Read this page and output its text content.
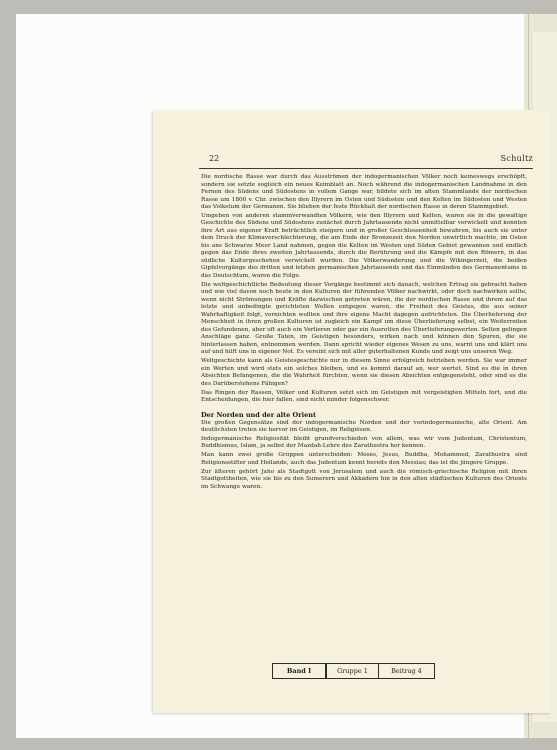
22	Schultz

Die nordische Rasse war durch das Ausströmen der indogermanischen Völker noch keineswegs erschöpft, sondern sie setzte sogleich ein neues Keimblatt an. Noch während die indogermanischen Landnahme in den Fernen des Südens und Südostens in vollem Gange war, bildete sich im alten Stammlande der nordischen Rasse um 1800 v. Chr. zwischen den Illyrern im Osten und Südosten und den Kelten im Südosten und Westen das Volkstum der Germanen. Sie blieben der feste Rückhalt der nordischen Rasse in deren Stammgebiet.

Umgeben von anderen stammverwandten Völkern, wie den Illyrern und Kelten, waren sie in die gewaltige Geschichte des Südens und Südostens zunächst durch Jahrtausende nicht unmittelbar verwickelt und konnten ihre Art aus eigener Kraft beträchtlich steigern und in großer Geschlossenheit bewahren, bis auch sie unter dem Druck der Klimaverschlechterung, die am Ende der Bronzezeit den Norden unwirtlich machte, im Osten bis ans Schwarze Meer Land nahmen, gegen die Kelten im Westen und Süden Gebiet gewannen und endlich gegen das Ende ihres zweiten Jahrtausends, durch die Berührung und die Kämpfe mit den Römern, in das südliche Kulturgeschehen verwickelt wurden. Die Völkerwanderung und die Wikingerzeit, die beiden Gipfelvorgänge des dritten und letzten germanischen Jahrtausends und das Einmünden des Germanentums in das Deutschtum, waren die Folge.

Die weltgeschichtliche Bedeutung dieser Vorgänge bestimmt sich danach, welchen Ertrag sie gebracht haben und wie viel davon noch heute in den Kulturen der führenden Völker nachwirkt, oder doch nachwirken sollte, wenn nicht Strömungen und Kräfte dazwischen getreten wären, die der nordischen Rasse und ihrem auf das letzte und unbedingte gerichteten Wollen entgegen waren, die Freiheit des Geistes, die aus seiner Wahrhaftigkeit folgt, vernichten wollten und ihre eigene Macht dagegen aufrichteten. Die Überlieferung der Menschheit in ihren großen Kulturen ist zugleich ein Kampf um diese Überlieferung selbst, ein Weiterreiten des Gefundenen, aber oft auch ein Verlieren oder gar ein Ausrotten des Überlieferungswerten. Selten gelingen Anschläge ganz. Große Taten, im Geistigen besonders, wirken nach und können den Spuren, die sie hinterlassen haben, entnommen werden. Dann spricht wieder eigenes Wesen zu uns, warnt uns und klärt uns auf und hilft uns in eigener Not. Es vereint sich mit aller guterhaltenen Kunde und zeigt uns unseren Weg.

Weltgeschichte kann als Geistesgeschichte nur in diesem Sinne erfolgreich betrieben werden. Sie war immer ein Werten und wird stets ein solches bleiben, und es kommt darauf an, wer wertet. Sind es die in ihren Absichten Befangenen, die die Wahrheit fürchten, wenn sie diesen Absichten entgegensteht, oder sind es die des Darüberstehens Fähigen?

Das Ringen der Rassen, Völker und Kulturen setzt sich im Geistigen mit vergeistigten Mitteln fort, und die Entscheidungen, die hier fallen, sind nicht minder folgenschwer.

Der Norden und der alte Orient

Die großen Gegensätze sind der indogermanische Norden und der vorindogermanische, alte Orient. Am deutlichsten treten sie hervor im Geistigen, im Religiösen.

Indogermanische Religiosität bleibt grundverschieden von allem, was wir vom Judentum, Christentum, Buddhismus, Islam, ja selbst der Mazdah-Lehre des Zarathustra her kennen.

Man kann zwei große Gruppen unterscheiden: Moses, Jesus, Buddha, Mohammed, Zarathustra sind Religionsstifter und Heilande, auch das Judentum kennt bereits den Messias; das ist die jüngere Gruppe.

Zur älteren gehört Jaho als Stadtgott von Jerusalem und auch die römisch-griechische Religion mit ihren Stadtgottheiten, wie sie bis zu den Sumerern und Akkadern hin in den alten städtischen Kulturen des Orients im Schwange waren.

Band I	Gruppe 1	Beitrag 4
